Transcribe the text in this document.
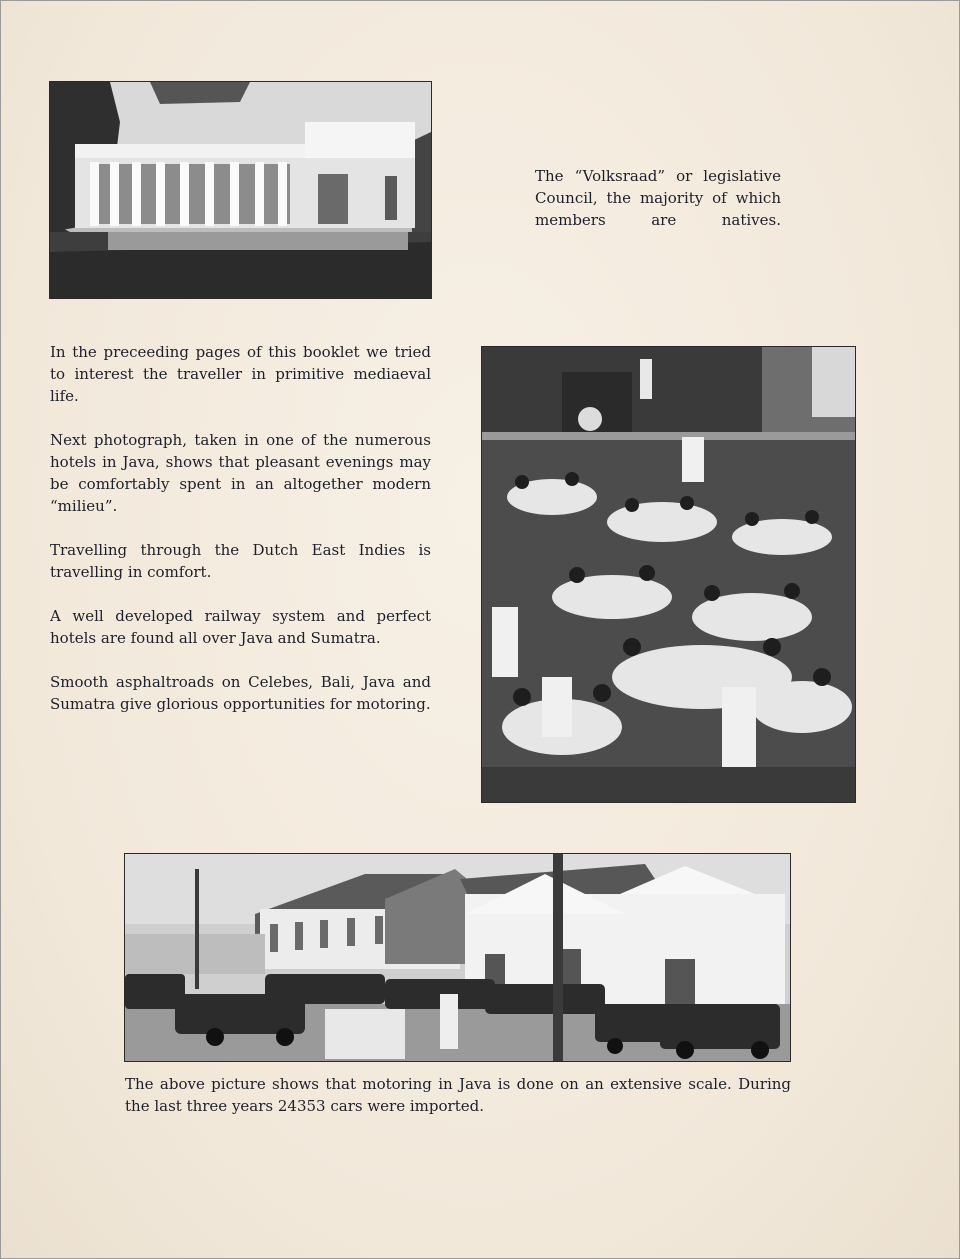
The “Volksraad” or legislative Council, the majority of which members are natives.

In the preceeding pages of this booklet we tried to interest the traveller in primitive mediaeval life.

Next photograph, taken in one of the numerous hotels in Java, shows that pleasant evenings may be comfortably spent in an altogether modern “milieu”.

Travelling through the Dutch East Indies is travelling in comfort.

A well developed railway system and perfect hotels are found all over Java and Sumatra.

Smooth asphaltroads on Celebes, Bali, Java and Sumatra give glorious opportunities for motoring.

The above picture shows that motoring in Java is done on an extensive scale. During the last three years 24353 cars were imported.
